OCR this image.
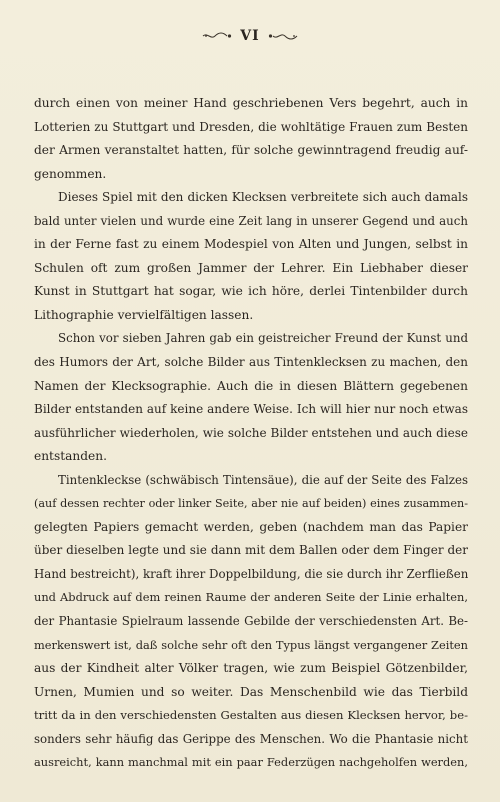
VI
durch einen von meiner Hand geschriebenen Vers begehrt, auch in
Lotterien zu Stuttgart und Dresden, die wohltätige Frauen zum Besten
der Armen veranstaltet hatten, für solche gewinntragend freudig auf-
genommen.
Dieses Spiel mit den dicken Klecksen verbreitete sich auch damals
bald unter vielen und wurde eine Zeit lang in unserer Gegend und auch
in der Ferne fast zu einem Modespiel von Alten und Jungen, selbst in
Schulen oft zum großen Jammer der Lehrer. Ein Liebhaber dieser
Kunst in Stuttgart hat sogar, wie ich höre, derlei Tintenbilder durch
Lithographie vervielfältigen lassen.
Schon vor sieben Jahren gab ein geistreicher Freund der Kunst und
des Humors der Art, solche Bilder aus Tintenklecksen zu machen, den
Namen der Klecksographie. Auch die in diesen Blättern gegebenen
Bilder entstanden auf keine andere Weise. Ich will hier nur noch etwas
ausführlicher wiederholen, wie solche Bilder entstehen und auch diese
entstanden.
Tintenkleckse (schwäbisch Tintensäue), die auf der Seite des Falzes
(auf dessen rechter oder linker Seite, aber nie auf beiden) eines zusammen-
gelegten Papiers gemacht werden, geben (nachdem man das Papier
über dieselben legte und sie dann mit dem Ballen oder dem Finger der
Hand bestreicht), kraft ihrer Doppelbildung, die sie durch ihr Zerfließen
und Abdruck auf dem reinen Raume der anderen Seite der Linie erhalten,
der Phantasie Spielraum lassende Gebilde der verschiedensten Art. Be-
merkenswert ist, daß solche sehr oft den Typus längst vergangener Zeiten
aus der Kindheit alter Völker tragen, wie zum Beispiel Götzenbilder,
Urnen, Mumien und so weiter. Das Menschenbild wie das Tierbild
tritt da in den verschiedensten Gestalten aus diesen Klecksen hervor, be-
sonders sehr häufig das Gerippe des Menschen. Wo die Phantasie nicht
ausreicht, kann manchmal mit ein paar Federzügen nachgeholfen werden,
